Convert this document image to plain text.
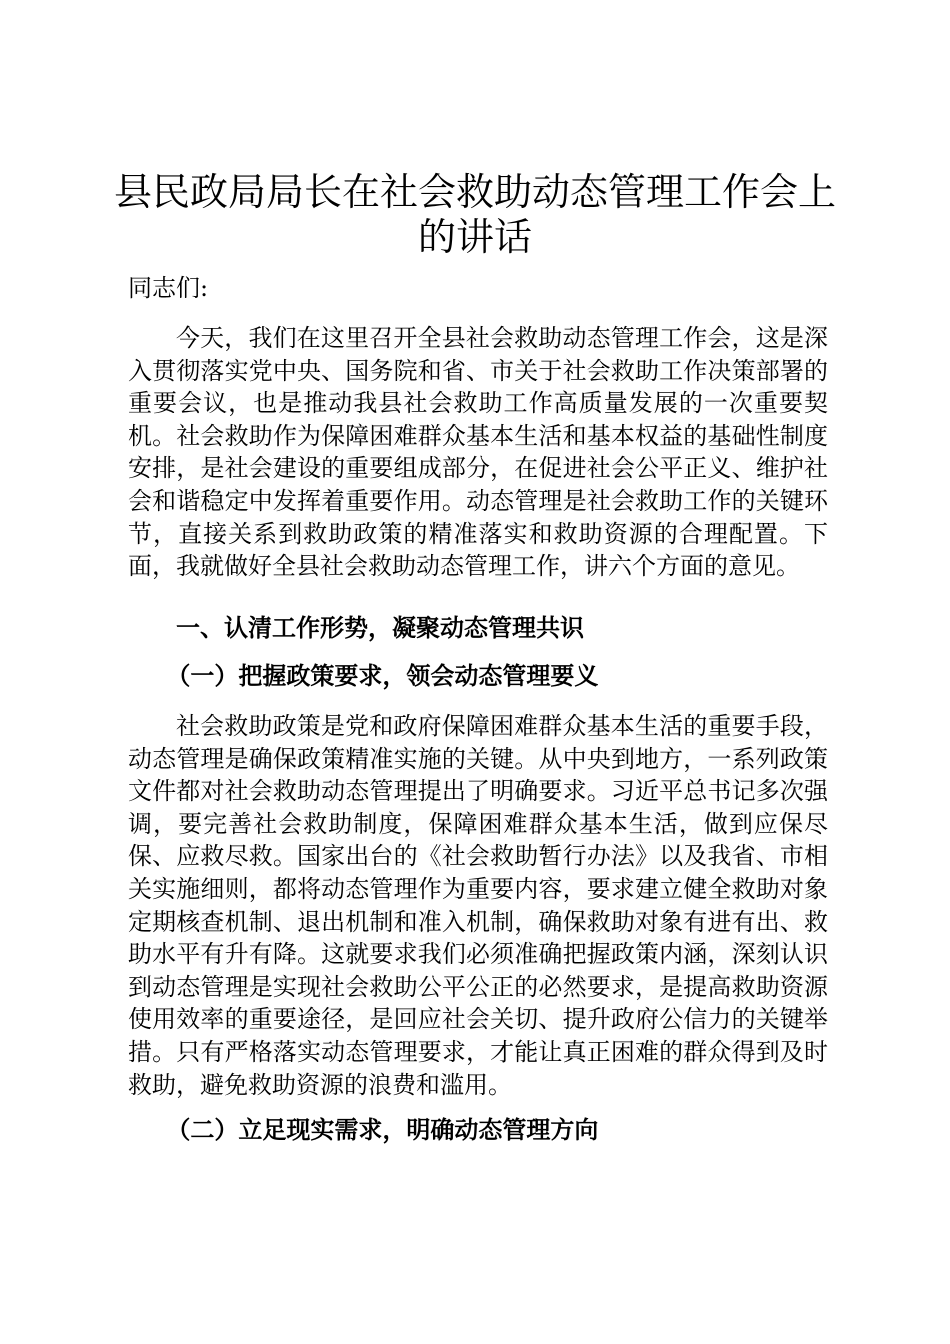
县民政局局长在社会救助动态管理工作会上的讲话

同志们:

今天，我们在这里召开全县社会救助动态管理工作会，这是深入贯彻落实党中央、国务院和省、市关于社会救助工作决策部署的重要会议，也是推动我县社会救助工作高质量发展的一次重要契机。社会救助作为保障困难群众基本生活和基本权益的基础性制度安排，是社会建设的重要组成部分，在促进社会公平正义、维护社会和谐稳定中发挥着重要作用。动态管理是社会救助工作的关键环节，直接关系到救助政策的精准落实和救助资源的合理配置。下面，我就做好全县社会救助动态管理工作，讲六个方面的意见。

一、认清工作形势，凝聚动态管理共识
（一）把握政策要求，领会动态管理要义

社会救助政策是党和政府保障困难群众基本生活的重要手段，动态管理是确保政策精准实施的关键。从中央到地方，一系列政策文件都对社会救助动态管理提出了明确要求。习近平总书记多次强调，要完善社会救助制度，保障困难群众基本生活，做到应保尽保、应救尽救。国家出台的《社会救助暂行办法》以及我省、市相关实施细则，都将动态管理作为重要内容，要求建立健全救助对象定期核查机制、退出机制和准入机制，确保救助对象有进有出、救助水平有升有降。这就要求我们必须准确把握政策内涵，深刻认识到动态管理是实现社会救助公平公正的必然要求，是提高救助资源使用效率的重要途径，是回应社会关切、提升政府公信力的关键举措。只有严格落实动态管理要求，才能让真正困难的群众得到及时救助，避免救助资源的浪费和滥用。

（二）立足现实需求，明确动态管理方向
